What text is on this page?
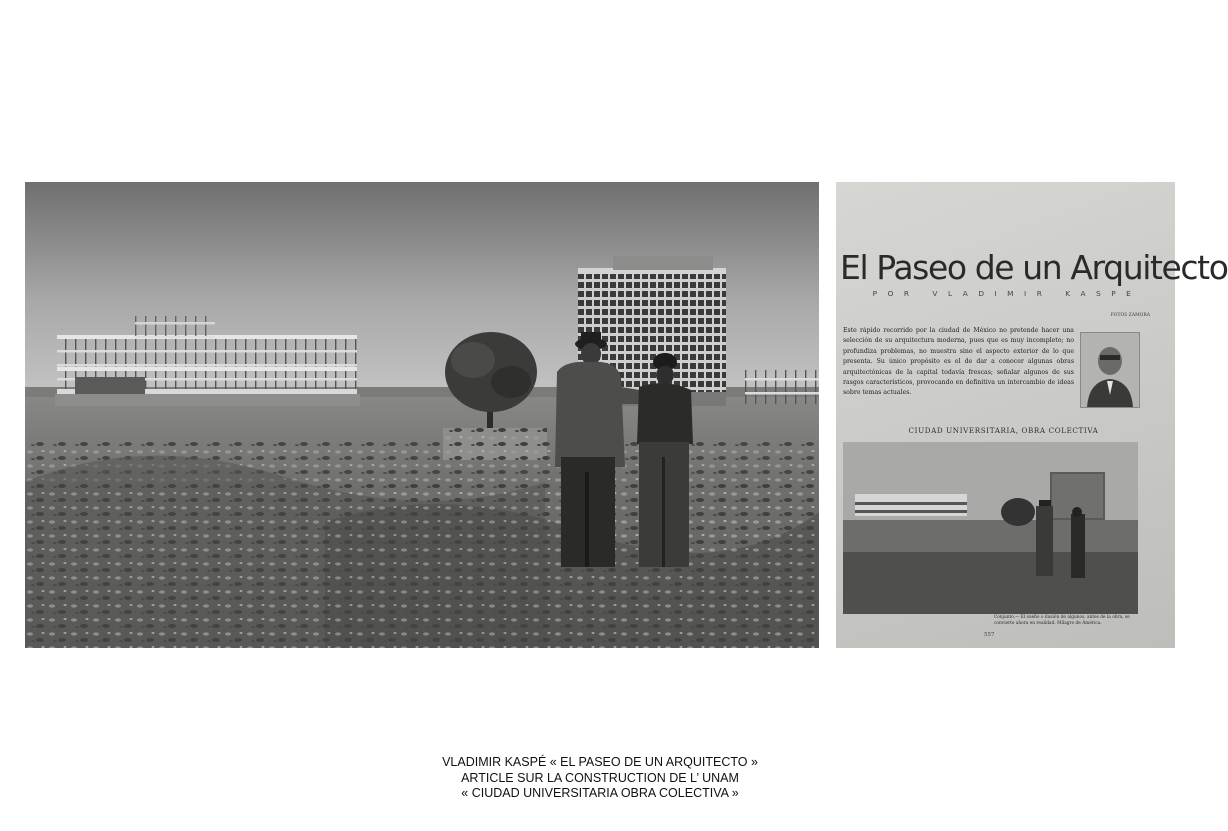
El Paseo de un Arquitecto
POR VLADIMIR KASPE
FOTOS ZAMORA
Este rápido recorrido por la ciudad de México no pretende hacer una selección de su arquitectura moderna, pues que es muy incompleto; no profundiza problemas, no muestra sino el aspecto exterior de lo que presenta. Su único propósito es el de dar a conocer algunas obras arquitectónicas de la capital todavía frescas; señalar algunos de sus rasgos característicos, provocando en definitiva un intercambio de ideas sobre temas actuales.
CIUDAD UNIVERSITARIA, OBRA COLECTIVA
Conjunto.— El sueño o ilusión de algunos, antes de la obra, se convierte ahora en realidad. Milagro de América.
557
VLADIMIR KASPÉ « EL PASEO DE UN ARQUITECTO »
ARTICLE SUR LA CONSTRUCTION DE L’ UNAM
« CIUDAD UNIVERSITARIA OBRA COLECTIVA »
